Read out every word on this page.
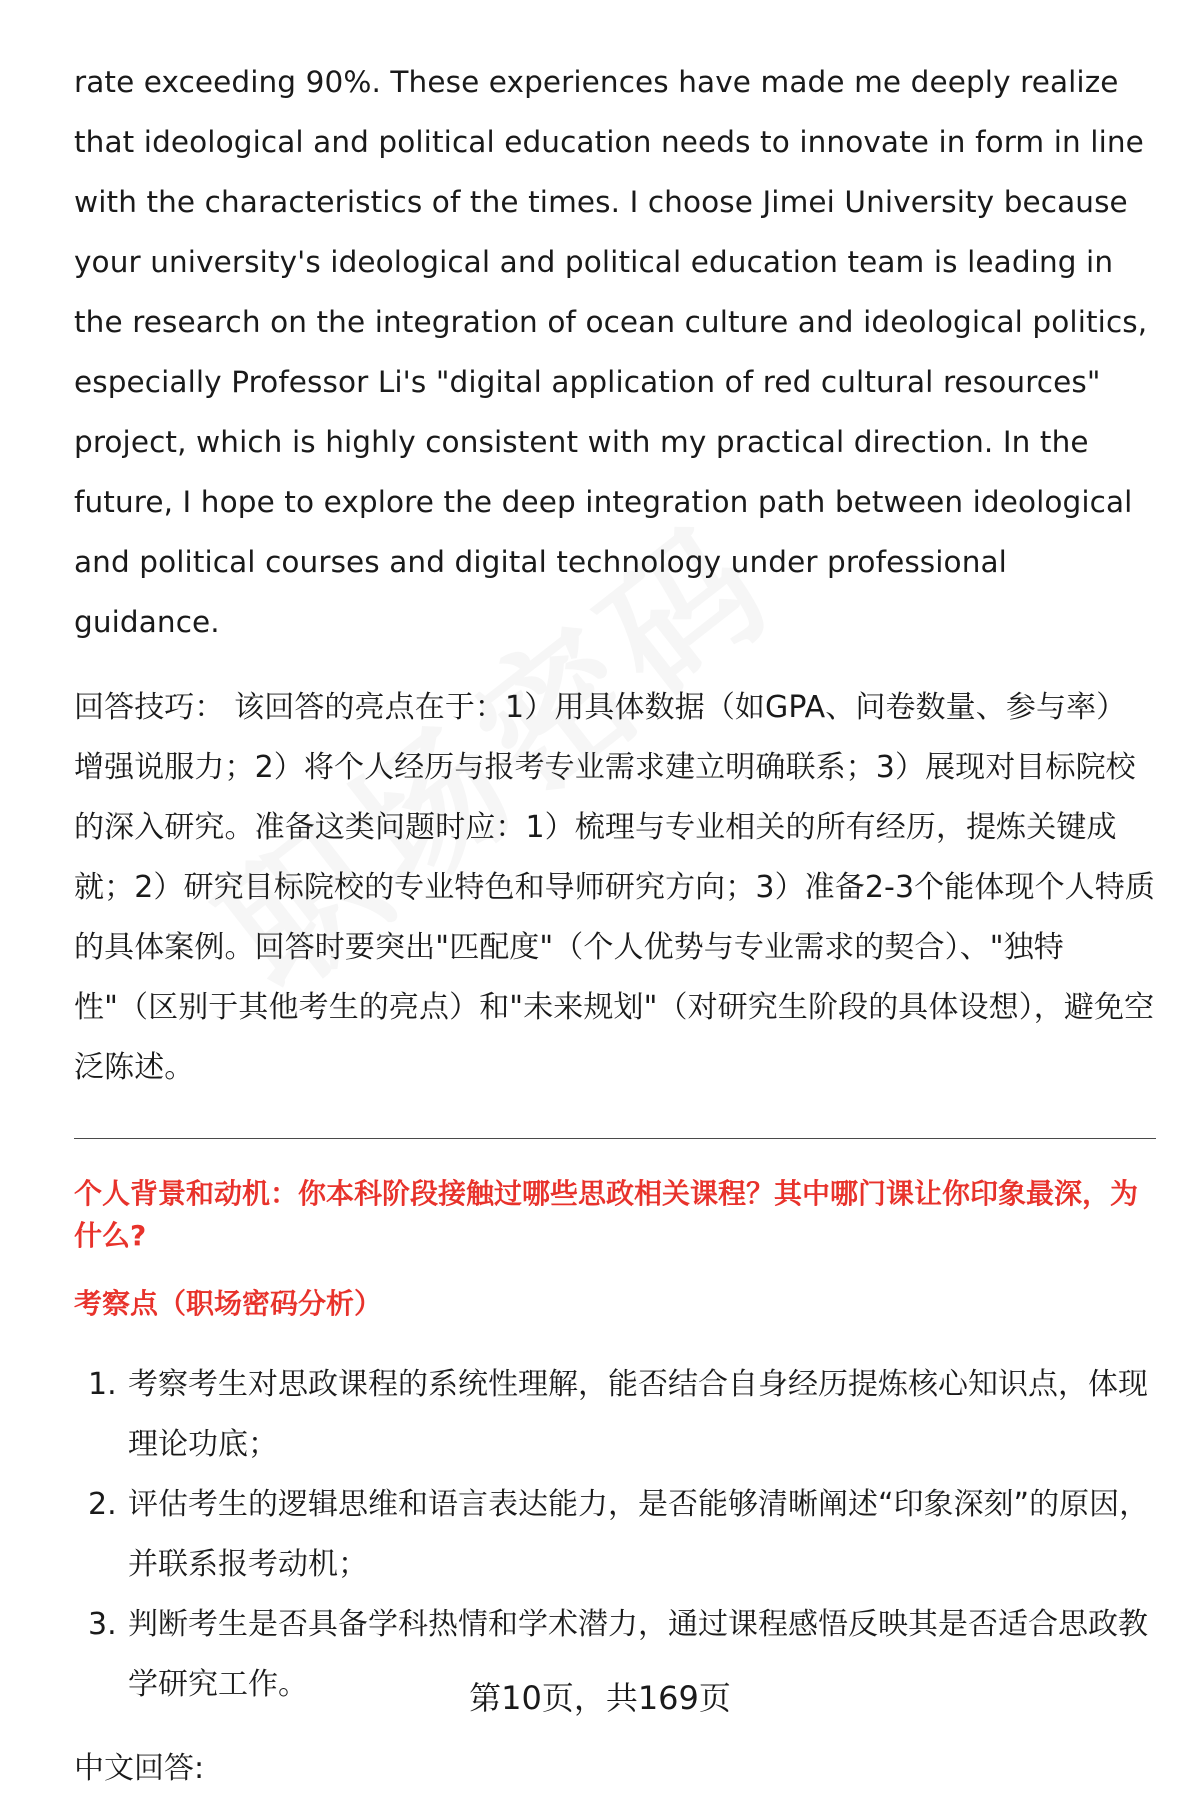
rate exceeding 90%. These experiences have made me deeply realize that ideological and political education needs to innovate in form in line with the characteristics of the times. I choose Jimei University because your university's ideological and political education team is leading in the research on the integration of ocean culture and ideological politics, especially Professor Li's "digital application of red cultural resources" project, which is highly consistent with my practical direction. In the future, I hope to explore the deep integration path between ideological and political courses and digital technology under professional guidance.

回答技巧： 该回答的亮点在于：1）用具体数据（如GPA、问卷数量、参与率）增强说服力；2）将个人经历与报考专业需求建立明确联系；3）展现对目标院校的深入研究。准备这类问题时应：1）梳理与专业相关的所有经历，提炼关键成就；2）研究目标院校的专业特色和导师研究方向；3）准备2-3个能体现个人特质的具体案例。回答时要突出"匹配度"（个人优势与专业需求的契合）、"独特性"（区别于其他考生的亮点）和"未来规划"（对研究生阶段的具体设想），避免空泛陈述。

个人背景和动机：你本科阶段接触过哪些思政相关课程？其中哪门课让你印象最深，为什么?

考察点（职场密码分析）

1. 考察考生对思政课程的系统性理解，能否结合自身经历提炼核心知识点，体现理论功底；
2. 评估考生的逻辑思维和语言表达能力，是否能够清晰阐述“印象深刻”的原因，并联系报考动机；
3. 判断考生是否具备学科热情和学术潜力，通过课程感悟反映其是否适合思政教学研究工作。

中文回答:

第10页，共169页
